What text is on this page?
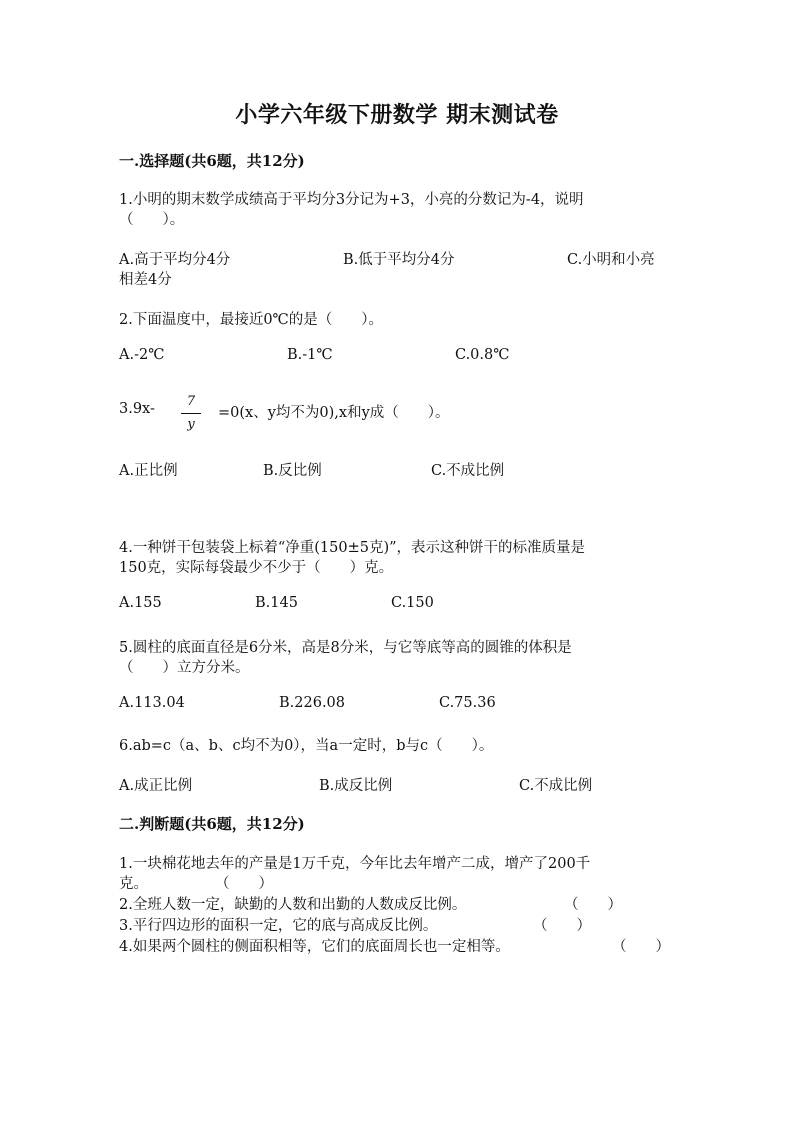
小学六年级下册数学 期末测试卷
一.选择题(共6题，共12分)
1.小明的期末数学成绩高于平均分3分记为+3，小亮的分数记为-4，说明
（　　）。
A.高于平均分4分	B.低于平均分4分	C.小明和小亮
相差4分
2.下面温度中，最接近0℃的是（　　）。
A.-2℃	B.-1℃	C.0.8℃
3.9x-	7
y
=0(x、y均不为0),x和y成（　　）。
A.正比例	B.反比例	C.不成比例
4.一种饼干包装袋上标着“净重(150±5克)”，表示这种饼干的标准质量是
150克，实际每袋最少不少于（　　）克。
A.155	B.145	C.150
5.圆柱的底面直径是6分米，高是8分米，与它等底等高的圆锥的体积是
（　　）立方分米。
A.113.04	B.226.08	C.75.36
6.ab=c（a、b、c均不为0），当a一定时，b与c（　　）。
A.成正比例	B.成反比例	C.不成比例
二.判断题(共6题，共12分)
1.一块棉花地去年的产量是1万千克，今年比去年增产二成，增产了200千
克。	（　　）
2.全班人数一定，缺勤的人数和出勤的人数成反比例。	（　　）
3.平行四边形的面积一定，它的底与高成反比例。	（　　）
4.如果两个圆柱的侧面积相等，它们的底面周长也一定相等。	（　　）
